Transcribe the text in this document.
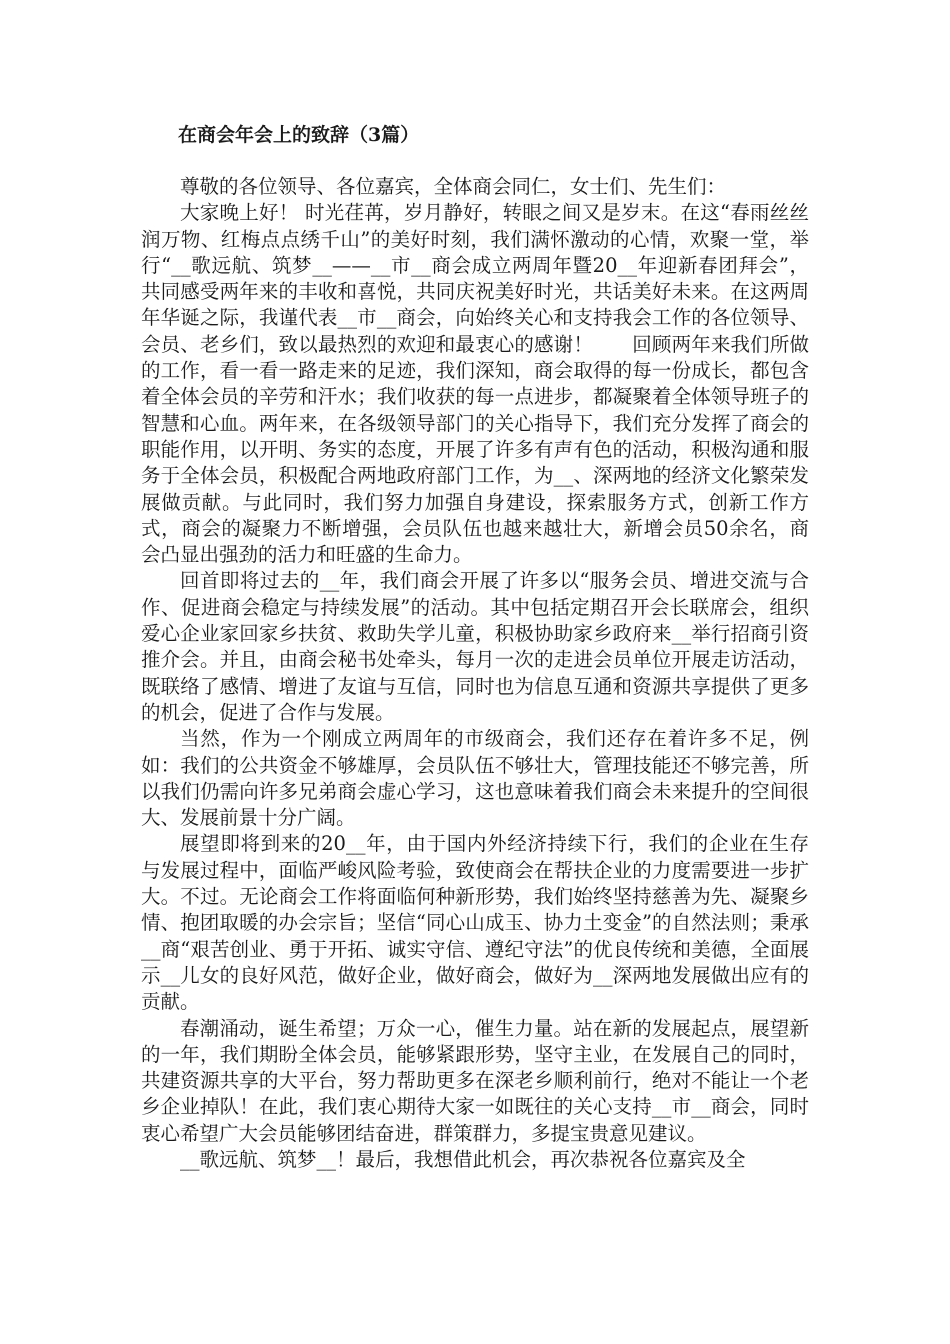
在商会年会上的致辞（3篇）

尊敬的各位领导、各位嘉宾，全体商会同仁，女士们、先生们：

大家晚上好！ 时光荏苒，岁月静好，转眼之间又是岁末。在这“春雨丝丝润万物、红梅点点绣千山”的美好时刻，我们满怀激动的心情，欢聚一堂，举行“__歌远航、筑梦__——__市__商会成立两周年暨20__年迎新春团拜会”，共同感受两年来的丰收和喜悦，共同庆祝美好时光，共话美好未来。在这两周年华诞之际，我谨代表__市__商会，向始终关心和支持我会工作的各位领导、会员、老乡们，致以最热烈的欢迎和最衷心的感谢！　　回顾两年来我们所做的工作，看一看一路走来的足迹，我们深知，商会取得的每一份成长，都包含着全体会员的辛劳和汗水；我们收获的每一点进步，都凝聚着全体领导班子的智慧和心血。两年来，在各级领导部门的关心指导下，我们充分发挥了商会的职能作用，以开明、务实的态度，开展了许多有声有色的活动，积极沟通和服务于全体会员，积极配合两地政府部门工作，为__、深两地的经济文化繁荣发展做贡献。与此同时，我们努力加强自身建设，探索服务方式，创新工作方式，商会的凝聚力不断增强，会员队伍也越来越壮大，新增会员50余名，商会凸显出强劲的活力和旺盛的生命力。

回首即将过去的__年，我们商会开展了许多以“服务会员、增进交流与合作、促进商会稳定与持续发展”的活动。其中包括定期召开会长联席会，组织爱心企业家回家乡扶贫、救助失学儿童，积极协助家乡政府来__举行招商引资推介会。并且，由商会秘书处牵头，每月一次的走进会员单位开展走访活动，既联络了感情、增进了友谊与互信，同时也为信息互通和资源共享提供了更多的机会，促进了合作与发展。

当然，作为一个刚成立两周年的市级商会，我们还存在着许多不足，例如：我们的公共资金不够雄厚，会员队伍不够壮大，管理技能还不够完善，所以我们仍需向许多兄弟商会虚心学习，这也意味着我们商会未来提升的空间很大、发展前景十分广阔。

展望即将到来的20__年，由于国内外经济持续下行，我们的企业在生存与发展过程中，面临严峻风险考验，致使商会在帮扶企业的力度需要进一步扩大。不过。无论商会工作将面临何种新形势，我们始终坚持慈善为先、凝聚乡情、抱团取暖的办会宗旨；坚信“同心山成玉、协力土变金”的自然法则；秉承__商“艰苦创业、勇于开拓、诚实守信、遵纪守法”的优良传统和美德，全面展示__儿女的良好风范，做好企业，做好商会，做好为__深两地发展做出应有的贡献。

春潮涌动，诞生希望；万众一心，催生力量。站在新的发展起点，展望新的一年，我们期盼全体会员，能够紧跟形势，坚守主业，在发展自己的同时，共建资源共享的大平台，努力帮助更多在深老乡顺利前行，绝对不能让一个老乡企业掉队！在此，我们衷心期待大家一如既往的关心支持__市__商会，同时衷心希望广大会员能够团结奋进，群策群力，多提宝贵意见建议。

__歌远航、筑梦__！最后，我想借此机会，再次恭祝各位嘉宾及全
